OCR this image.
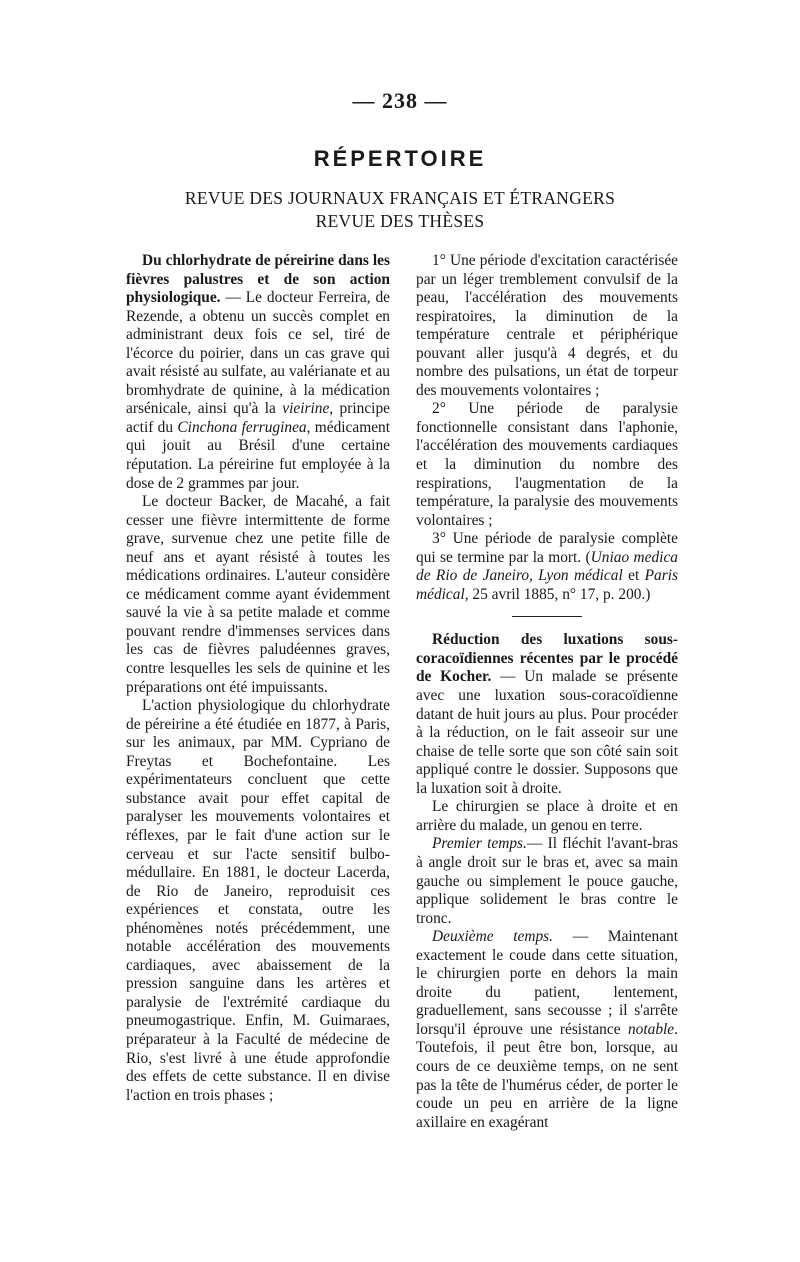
— 238 —
RÉPERTOIRE
REVUE DES JOURNAUX FRANÇAIS ET ÉTRANGERS
REVUE DES THÈSES

Du chlorhydrate de péreirine dans les fièvres palustres et de son action physiologique. — Le docteur Ferreira, de Rezende, a obtenu un succès complet en administrant deux fois ce sel, tiré de l'écorce du poirier, dans un cas grave qui avait résisté au sulfate, au valérianate et au bromhydrate de quinine, à la médication arsénicale, ainsi qu'à la vieirine, principe actif du Cinchona ferruginea, médicament qui jouit au Brésil d'une certaine réputation. La péreirine fut employée à la dose de 2 grammes par jour.

Le docteur Backer, de Macahé, a fait cesser une fièvre intermittente de forme grave, survenue chez une petite fille de neuf ans et ayant résisté à toutes les médications ordinaires. L'auteur considère ce médicament comme ayant évidemment sauvé la vie à sa petite malade et comme pouvant rendre d'immenses services dans les cas de fièvres paludéennes graves, contre lesquelles les sels de quinine et les préparations ont été impuissants.

L'action physiologique du chlorhydrate de péreirine a été étudiée en 1877, à Paris, sur les animaux, par MM. Cypriano de Freytas et Bochefontaine. Les expérimentateurs concluent que cette substance avait pour effet capital de paralyser les mouvements volontaires et réflexes, par le fait d'une action sur le cerveau et sur l'acte sensitif bulbo-médullaire. En 1881, le docteur Lacerda, de Rio de Janeiro, reproduisit ces expériences et constata, outre les phénomènes notés précédemment, une notable accélération des mouvements cardiaques, avec abaissement de la pression sanguine dans les artères et paralysie de l'extrémité cardiaque du pneumogastrique. Enfin, M. Guimaraes, préparateur à la Faculté de médecine de Rio, s'est livré à une étude approfondie des effets de cette substance. Il en divise l'action en trois phases ;

1° Une période d'excitation caractérisée par un léger tremblement convulsif de la peau, l'accélération des mouvements respiratoires, la diminution de la température centrale et périphérique pouvant aller jusqu'à 4 degrés, et du nombre des pulsations, un état de torpeur des mouvements volontaires ;

2° Une période de paralysie fonctionnelle consistant dans l'aphonie, l'accélération des mouvements cardiaques et la diminution du nombre des respirations, l'augmentation de la température, la paralysie des mouvements volontaires ;

3° Une période de paralysie complète qui se termine par la mort. (Uniao medica de Rio de Janeiro, Lyon médical et Paris médical, 25 avril 1885, n° 17, p. 200.)

Réduction des luxations sous-coracoïdiennes récentes par le procédé de Kocher. — Un malade se présente avec une luxation sous-coracoïdienne datant de huit jours au plus. Pour procéder à la réduction, on le fait asseoir sur une chaise de telle sorte que son côté sain soit appliqué contre le dossier. Supposons que la luxation soit à droite.

Le chirurgien se place à droite et en arrière du malade, un genou en terre.

Premier temps.— Il fléchit l'avant-bras à angle droit sur le bras et, avec sa main gauche ou simplement le pouce gauche, applique solidement le bras contre le tronc.

Deuxième temps. — Maintenant exactement le coude dans cette situation, le chirurgien porte en dehors la main droite du patient, lentement, graduellement, sans secousse ; il s'arrête lorsqu'il éprouve une résistance notable. Toutefois, il peut être bon, lorsque, au cours de ce deuxième temps, on ne sent pas la tête de l'humérus céder, de porter le coude un peu en arrière de la ligne axillaire en exagérant
